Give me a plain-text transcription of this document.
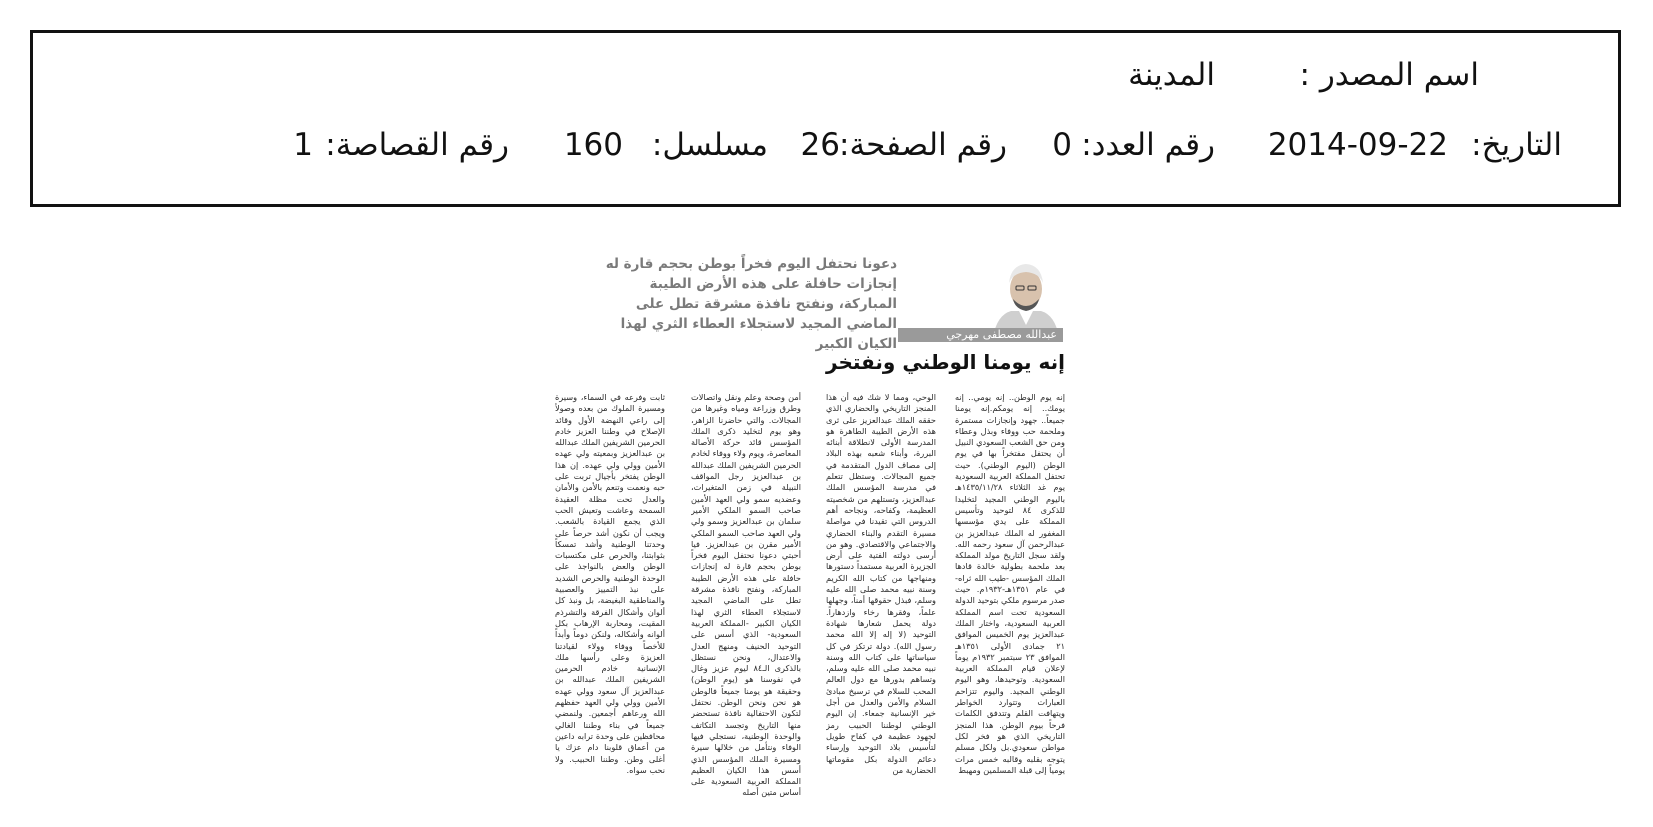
اسم المصدر :
المدينة
التاريخ:
2014-09-22
رقم العدد:
0
رقم الصفحة:
26
مسلسل:
160
رقم القصاصة:
1
دعونا نحتفل اليوم فخراً بوطن بحجم قارة له إنجازات حافلة على هذه الأرض الطيبة المباركة، ونفتح نافذة مشرقة تطل على الماضي المجيد لاستجلاء العطاء الثري لهذا الكيان الكبير
عبدالله مصطفى مهرجي
إنه يومنا الوطني ونفتخر
إنه يوم الوطن.. إنه يومي.. إنه يومك.. إنه يومكم.إنه يومنا جميعاً.. جهود وإنجازات مستمرة وملحمة حب ووفاء وبذل وعطاء ومن حق الشعب السعودي النبيل أن يحتفل مفتخراً بها في يوم الوطن (اليوم الوطني). حيث تحتفل المملكة العربية السعودية يوم غد الثلاثاء ١٤٣٥/١١/٢٨هـ باليوم الوطني المجيد لتخليدا للذكرى ٨٤ لتوحيد وتأسيس المملكة على يدي مؤسسها المغفور له الملك عبدالعزيز بن عبدالرحمن آل سعود رحمه الله. ولقد سجل التاريخ مولد المملكة بعد ملحمة بطولية خالدة قادها الملك المؤسس -طيب الله ثراه- في عام ١٣٥١هـ-١٩٣٢م. حيث صدر مرسوم ملكي بتوحيد الدولة السعودية تحت اسم المملكة العربية السعودية، واختار الملك عبدالعزيز يوم الخميس الموافق ٢١ جمادى الأولى ١٣٥١هـ الموافق ٢٣ سبتمبر ١٩٣٢م يوماً لإعلان قيام المملكة العربية السعودية. وتوحيدها، وهو اليوم الوطني المجيد. واليوم تتزاحم العبارات وتتوارد الخواطر ويتهافت القلم وتتدفق الكلمات فرحاً بيوم الوطن. هذا المنجز التاريخي الذي هو فخر لكل مواطن سعودي.بل ولكل مسلم يتوجه بقلبه وقالبه خمس مرات يومياً إلى قبلة المسلمين ومهبط
الوحي، ومما لا شك فيه أن هذا المنجز التاريخي والحضاري الذي حققه الملك عبدالعزيز على ثرى هذه الأرض الطيبة الطاهرة هو المدرسة الأولى لانطلاقة أبنائه البررة، وأبناء شعبه بهذه البلاد إلى مصاف الدول المتقدمة في جميع المجالات. وستظل تتعلم في مدرسة المؤسس الملك عبدالعزيز، وتستلهم من شخصيته العظيمة، وكفاحه، ونجاحه أهم الدروس التي تقيدنا في مواصلة مسيرة التقدم والبناء الحضاري والاجتماعي والاقتصادي. وهو من أرسى دولته الفتية على أرض الجزيرة العربية مستمداً دستورها ومنهاجها من كتاب الله الكريم وسنة نبيه محمد صلى الله عليه وسلم، فبذل حقوقها أمناً، وجهلها علماً، وفقرها رخاء وازدهاراً. دولة يحمل شعارها شهادة التوحيد (لا إله إلا الله محمد رسول الله). دولة ترتكز في كل سياساتها على كتاب الله وسنة نبيه محمد صلى الله عليه وسلم، وتساهم بدورها مع دول العالم المحب للسلام في ترسيخ مبادئ السلام والأمن والعدل من أجل خير الإنسانية جمعاء. إن اليوم الوطني لوطننا الحبيب رمز لجهود عظيمة في كفاح طويل لتأسيس بلاد التوحيد وإرساء دعائم الدولة بكل مقوماتها الحضارية من
أمن وصحة وعلم ونقل واتصالات وطرق وزراعة ومياه وغيرها من المجالات. والتي حاضرنا الزاهر، وهو يوم لتخليد ذكرى الملك المؤسس قائد حركة الأصالة المعاصرة، ويوم ولاء ووفاء لخادم الحرمين الشريفين الملك عبدالله بن عبدالعزيز رجل المواقف النبيلة في زمن المتغيرات، وعضديه سمو ولي العهد الأمين صاحب السمو الملكي الأمير سلمان بن عبدالعزيز وسمو ولي ولي العهد صاحب السمو الملكي الأمير مقرن بن عبدالعزيز. فيا أحبتي دعونا نحتفل اليوم فخراً بوطن بحجم قارة له إنجازات حافلة على هذه الأرض الطيبة المباركة، ونفتح نافذة مشرقة تطل على الماضي المجيد لاستجلاء العطاء الثري لهذا الكيان الكبير -المملكة العربية السعودية- الذي أسس على التوحيد الحنيف ومنهج العدل والاعتدال، ونحن نستظل بالذكرى الـ٨٤ ليوم عزيز وغال في نفوسنا هو (يوم الوطن) وحقيقة هو يومنا جميعاً فالوطن هو نحن ونحن الوطن. نحتفل لتكون الاحتفالية نافذة تستحضر منها التاريخ وتجسد التكاتف والوحدة الوطنية، نستجلي فيها الوفاء ونتأمل من خلالها سيرة ومسيرة الملك المؤسس الذي أسس هذا الكيان العظيم المملكة العربية السعودية على أساس متين أصله
ثابت وفرعه في السماء، وسيرة ومسيرة الملوك من بعده وصولاً إلى راعي النهضة الأول وقائد الإصلاح في وطننا العزيز خادم الحرمين الشريفين الملك عبدالله بن عبدالعزيز وبمعيته ولي عهده الأمين وولي ولي عهده. إن هذا الوطن يفتخر بأجيال تربت على حبه ونعمت وتنعم بالأمن والأمان والعدل تحت مظلة العقيدة السمحة وعاشت وتعيش الحب الذي يجمع القيادة بالشعب. ويجب أن نكون أشد حرصاً على وحدتنا الوطنية وأشد تمسكاً بثوابتنا، والحرص على مكتسبات الوطن والعض بالنواجذ على الوحدة الوطنية والحرص الشديد على نبذ التمييز والعصبية والمناطقية البغيضة، بل ونبذ كل ألوان وأشكال الفرقة والتشرذم المقيت، ومحاربة الإرهاب بكل ألوانه وأشكاله، ولنكن دوماً وأبداً للأخصاً ووفاء وولاء لقيادتنا العزيزة وعلى رأسها ملك الإنسانية خادم الحرمين الشريفين الملك عبدالله بن عبدالعزيز آل سعود وولي عهده الأمين وولي ولي العهد حفظهم الله ورعاهم أجمعين. ولنمضي جميعاً في بناء وطننا الغالي محافظين على وحدة ترابه داعين من أعماق قلوبنا دام عزك يا أغلى وطن. وطننا الحبيب. ولا نحب سواه.
